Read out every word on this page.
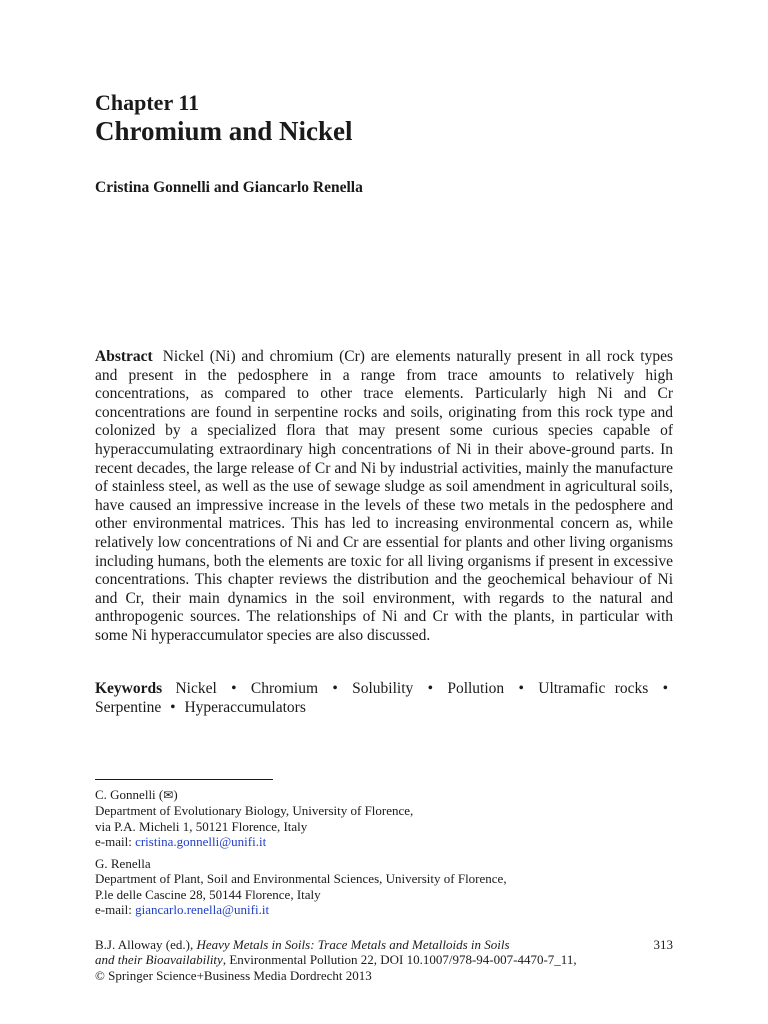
Chapter 11
Chromium and Nickel
Cristina Gonnelli and Giancarlo Renella
Abstract Nickel (Ni) and chromium (Cr) are elements naturally present in all rock types and present in the pedosphere in a range from trace amounts to relatively high concentrations, as compared to other trace elements. Particularly high Ni and Cr concentrations are found in serpentine rocks and soils, originating from this rock type and colonized by a specialized flora that may present some curious species capable of hyperaccumulating extraordinary high concentrations of Ni in their above-ground parts. In recent decades, the large release of Cr and Ni by industrial activities, mainly the manufacture of stainless steel, as well as the use of sewage sludge as soil amendment in agricultural soils, have caused an impressive increase in the levels of these two metals in the pedosphere and other environmental matrices. This has led to increasing environmental concern as, while relatively low concentrations of Ni and Cr are essential for plants and other living organisms including humans, both the elements are toxic for all living organisms if present in excessive concentrations. This chapter reviews the distribution and the geochemical behaviour of Ni and Cr, their main dynamics in the soil environment, with regards to the natural and anthropogenic sources. The relationships of Ni and Cr with the plants, in particular with some Ni hyperaccumulator species are also discussed.
Keywords Nickel • Chromium • Solubility • Pollution • Ultramafic rocks • Serpentine • Hyperaccumulators
C. Gonnelli (✉)
Department of Evolutionary Biology, University of Florence,
via P.A. Micheli 1, 50121 Florence, Italy
e-mail: cristina.gonnelli@unifi.it
G. Renella
Department of Plant, Soil and Environmental Sciences, University of Florence,
P.le delle Cascine 28, 50144 Florence, Italy
e-mail: giancarlo.renella@unifi.it
B.J. Alloway (ed.), Heavy Metals in Soils: Trace Metals and Metalloids in Soils
and their Bioavailability, Environmental Pollution 22, DOI 10.1007/978-94-007-4470-7_11,
© Springer Science+Business Media Dordrecht 2013
313
